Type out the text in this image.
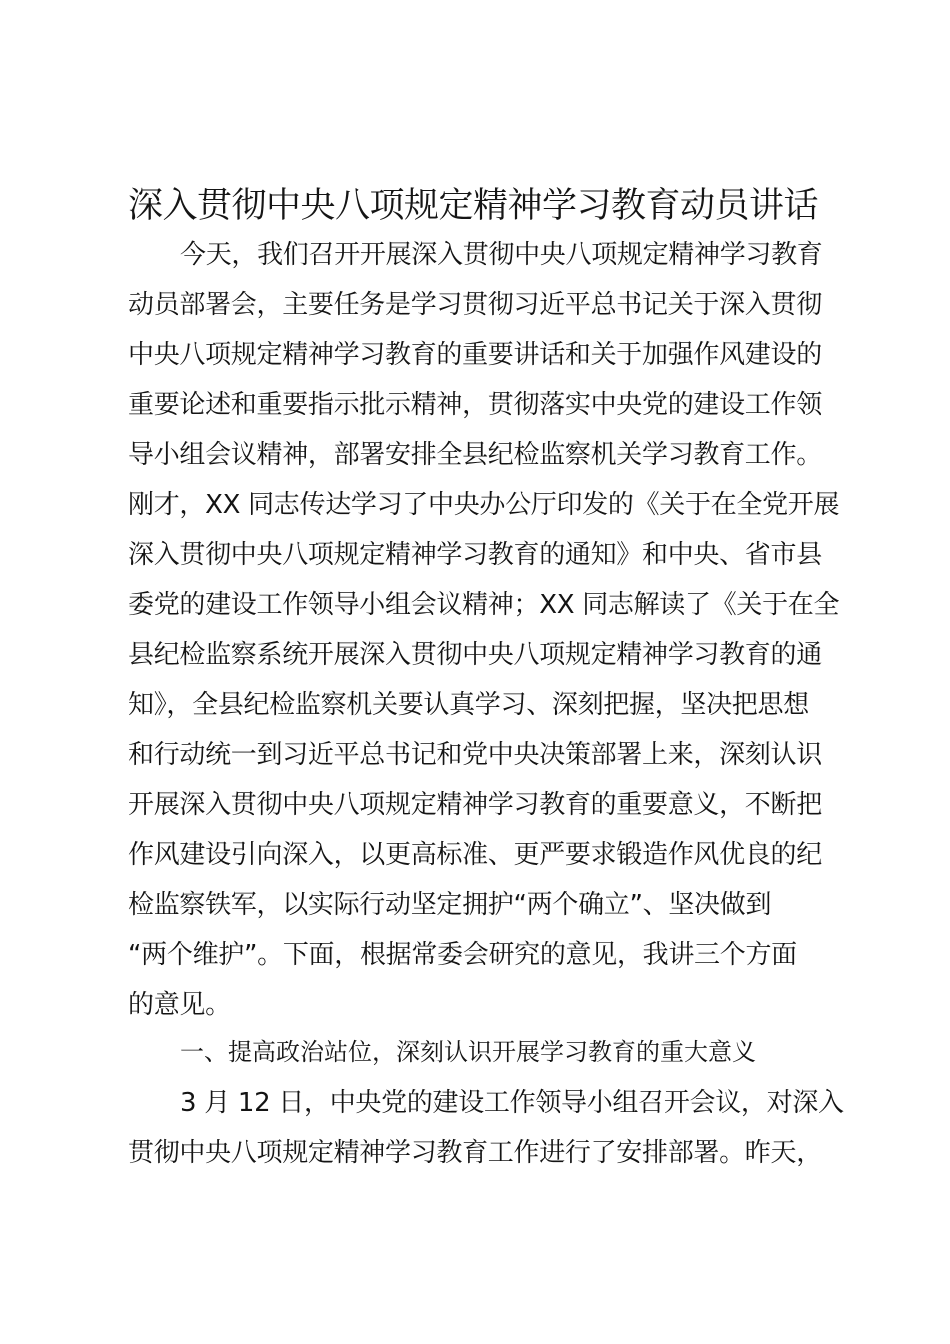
深入贯彻中央八项规定精神学习教育动员讲话
今天，我们召开开展深入贯彻中央八项规定精神学习教育
动员部署会，主要任务是学习贯彻习近平总书记关于深入贯彻
中央八项规定精神学习教育的重要讲话和关于加强作风建设的
重要论述和重要指示批示精神，贯彻落实中央党的建设工作领
导小组会议精神，部署安排全县纪检监察机关学习教育工作。
刚才，XX 同志传达学习了中央办公厅印发的《关于在全党开展
深入贯彻中央八项规定精神学习教育的通知》和中央、省市县
委党的建设工作领导小组会议精神；XX 同志解读了《关于在全
县纪检监察系统开展深入贯彻中央八项规定精神学习教育的通
知》，全县纪检监察机关要认真学习、深刻把握，坚决把思想
和行动统一到习近平总书记和党中央决策部署上来，深刻认识
开展深入贯彻中央八项规定精神学习教育的重要意义，不断把
作风建设引向深入，以更高标准、更严要求锻造作风优良的纪
检监察铁军，以实际行动坚定拥护“两个确立”、坚决做到
“两个维护”。下面，根据常委会研究的意见，我讲三个方面
的意见。
一、提高政治站位，深刻认识开展学习教育的重大意义
3 月 12 日，中央党的建设工作领导小组召开会议，对深入
贯彻中央八项规定精神学习教育工作进行了安排部署。昨天，
